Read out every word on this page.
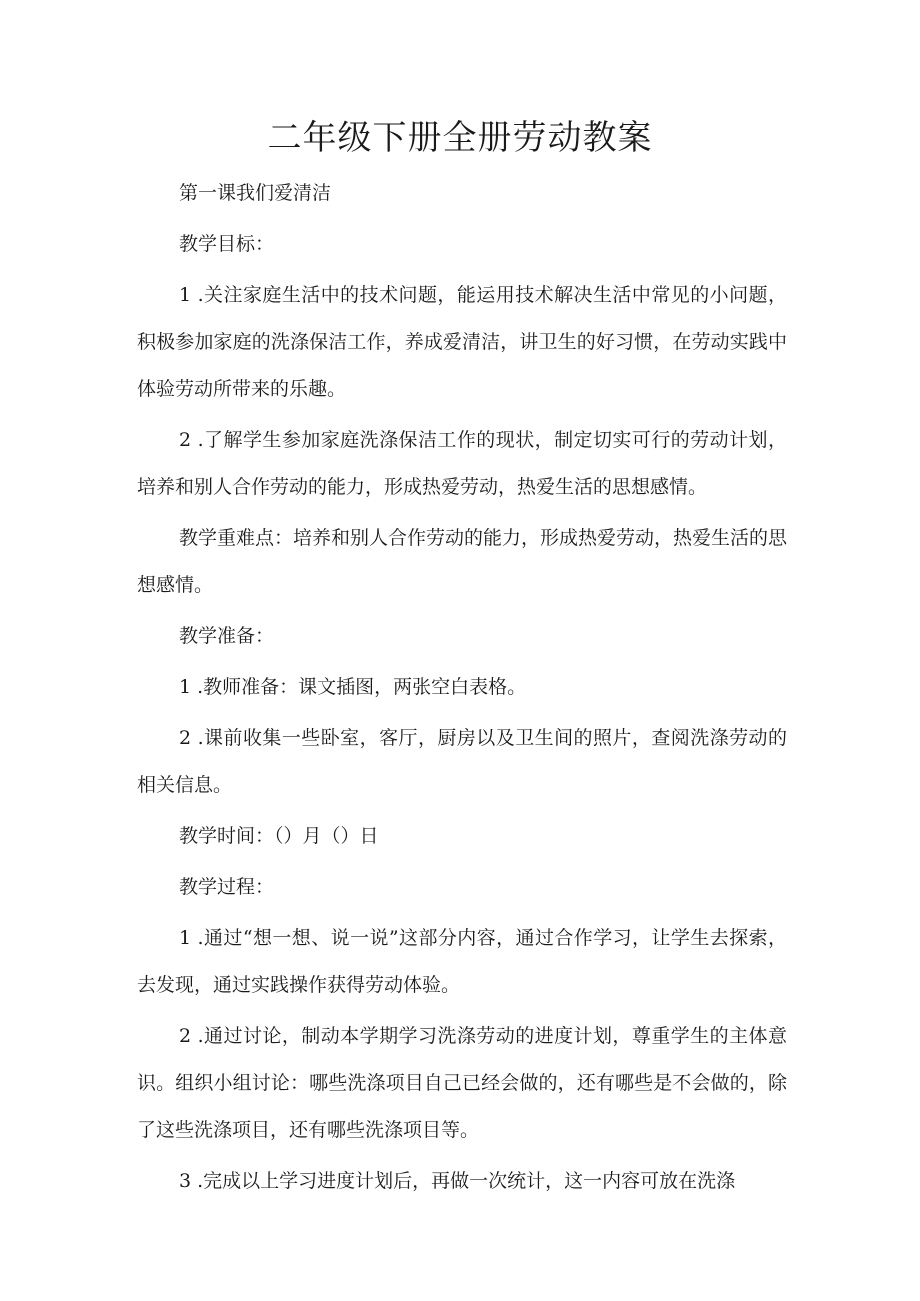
二年级下册全册劳动教案

第一课我们爱清洁

教学目标：

1 .关注家庭生活中的技术问题，能运用技术解决生活中常见的小问题，积极参加家庭的洗涤保洁工作，养成爱清洁，讲卫生的好习惯，在劳动实践中体验劳动所带来的乐趣。

2 .了解学生参加家庭洗涤保洁工作的现状，制定切实可行的劳动计划，培养和别人合作劳动的能力，形成热爱劳动，热爱生活的思想感情。

教学重难点：培养和别人合作劳动的能力，形成热爱劳动，热爱生活的思想感情。

教学准备：

1 .教师准备：课文插图，两张空白表格。

2 .课前收集一些卧室，客厅，厨房以及卫生间的照片，查阅洗涤劳动的相关信息。

教学时间：（）月（）日

教学过程：

1 .通过“想一想、说一说”这部分内容，通过合作学习，让学生去探索，去发现，通过实践操作获得劳动体验。

2 .通过讨论，制动本学期学习洗涤劳动的进度计划，尊重学生的主体意识。组织小组讨论：哪些洗涤项目自己已经会做的，还有哪些是不会做的，除了这些洗涤项目，还有哪些洗涤项目等。

3 .完成以上学习进度计划后，再做一次统计，这一内容可放在洗涤
